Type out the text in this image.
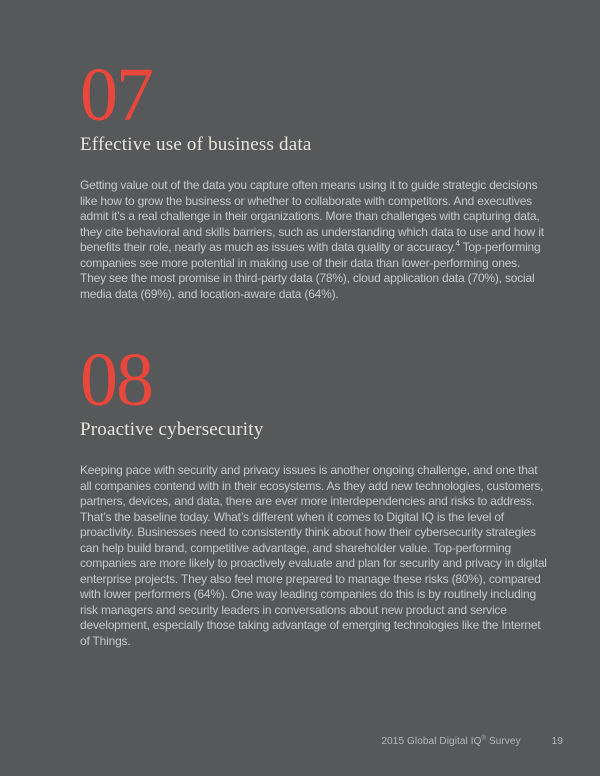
07
Effective use of business data

Getting value out of the data you capture often means using it to guide strategic decisions like how to grow the business or whether to collaborate with competitors. And executives admit it’s a real challenge in their organizations. More than challenges with capturing data, they cite behavioral and skills barriers, such as understanding which data to use and how it benefits their role, nearly as much as issues with data quality or accuracy.$^4$ Top-performing companies see more potential in making use of their data than lower-performing ones. They see the most promise in third-party data (78%), cloud application data (70%), social media data (69%), and location-aware data (64%).

08
Proactive cybersecurity

Keeping pace with security and privacy issues is another ongoing challenge, and one that all companies contend with in their ecosystems. As they add new technologies, customers, partners, devices, and data, there are ever more interdependencies and risks to address. That’s the baseline today. What’s different when it comes to Digital IQ is the level of proactivity. Businesses need to consistently think about how their cybersecurity strategies can help build brand, competitive advantage, and shareholder value. Top-performing companies are more likely to proactively evaluate and plan for security and privacy in digital enterprise projects. They also feel more prepared to manage these risks (80%), compared with lower performers (64%). One way leading companies do this is by routinely including risk managers and security leaders in conversations about new product and service development, especially those taking advantage of emerging technologies like the Internet of Things.

2015 Global Digital IQ® Survey	19
